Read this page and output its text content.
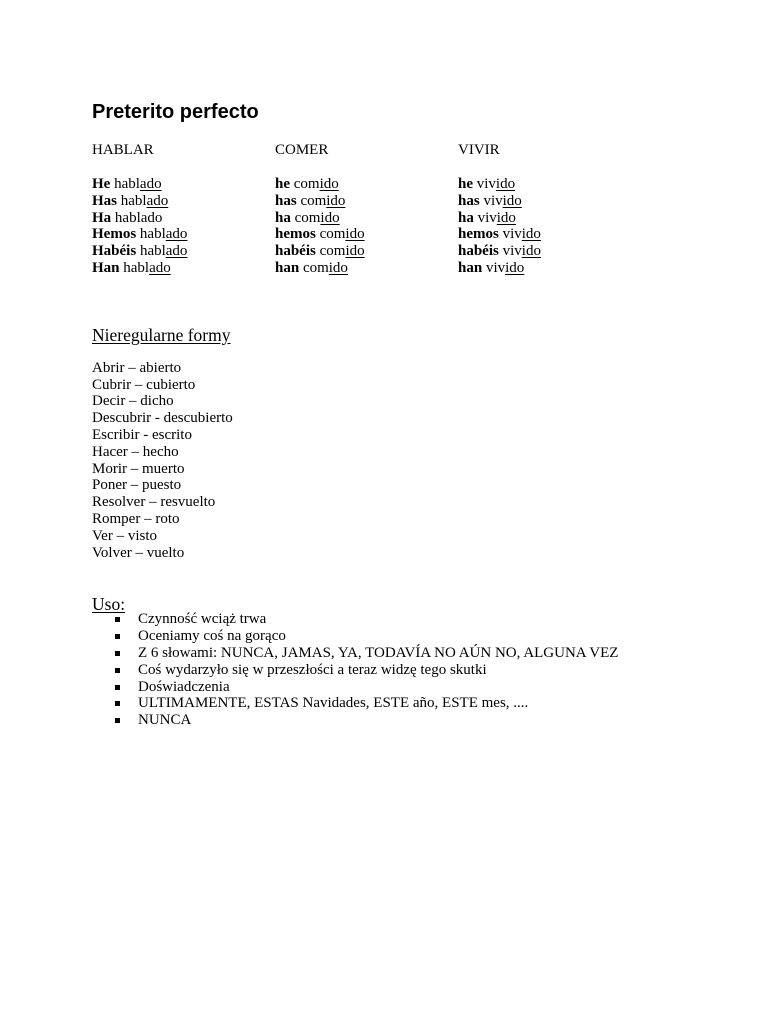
Preterito perfecto
HABLAR	COMER	VIVIR
He hablado
Has hablado
Ha hablado
Hemos hablado
Habéis hablado
Han hablado
he comido
has comido
ha comido
hemos comido
habéis comido
han comido
he vivido
has vivido
ha vivido
hemos vivido
habéis vivido
han vivido
Nieregularne formy
Abrir – abierto
Cubrir – cubierto
Decir – dicho
Descubrir - descubierto
Escribir - escrito
Hacer – hecho
Morir – muerto
Poner – puesto
Resolver – resvuelto
Romper – roto
Ver – visto
Volver – vuelto
Uso:
Czynność wciąż trwa
Oceniamy coś na gorąco
Z 6 słowami: NUNCA, JAMAS, YA, TODAVÍA NO AÚN NO, ALGUNA VEZ
Coś wydarzyło się w przeszłości a teraz widzę tego skutki
Doświadczenia
ULTIMAMENTE, ESTAS Navidades, ESTE año, ESTE mes, ....
NUNCA
